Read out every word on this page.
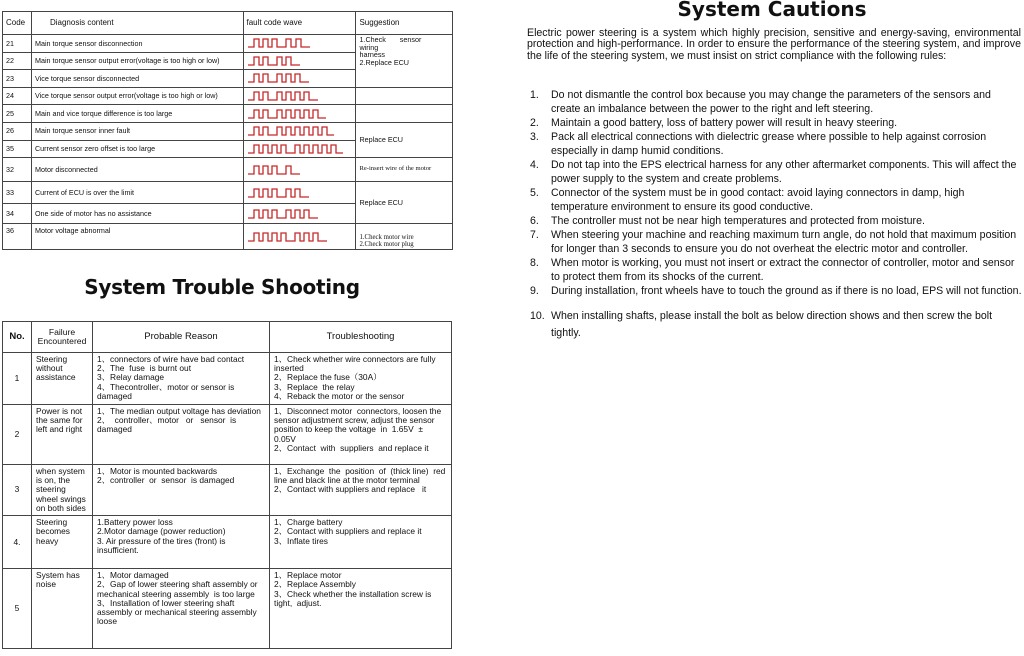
Code	Diagnosis content	fault code wave	Suggestion
21	Main torque sensor disconnection		1.Check       sensor      wiring
harness
2.Replace ECU

22	Main torque sensor output error(voltage is too high or low)	

23	Vice torque sensor disconnected	

24	Vice torque sensor output error(voltage is too high or low)	

25	Main and vice torque difference is too large	

26	Main torque sensor inner fault		Replace ECU

35	Current sensor zero offset is too large	

32	Motor disconnected		Re-insert wire of the motor

33	Current of ECU is over the limit		Replace ECU

34	One side of motor has no assistance	

36	Motor voltage abnormal		1.Check motor wire
2.Check motor plug
System Trouble Shooting
No.	Failure Encountered	Probable Reason	Troubleshooting
1	Steering without assistance	1、connectors of wire have bad contact
2、The  fuse  is burnt out
3、Relay damage
4、Thecontroller、motor or sensor is damaged	1、Check whether wire connectors are fully inserted
2、Replace the fuse（30A）
3、Replace  the relay
4、Reback the motor or the sensor

2	Power is not the same for left and right	1、The median output voltage has deviation
2、  controller、motor   or   sensor  is    damaged	1、Disconnect motor  connectors, loosen the sensor adjustment screw, adjust the sensor position to keep the voltage  in  1.65V  ±  0.05V
2、Contact  with  suppliers  and replace it

3	when system is on, the steering wheel swings on both sides	1、Motor is mounted backwards
2、controller  or  sensor  is damaged	1、Exchange  the  position  of  (thick line)  red line and black line at the motor terminal
2、Contact with suppliers and replace   it

4.	Steering becomes heavy	1.Battery power loss
2.Motor damage (power reduction)
3. Air pressure of the tires (front) is insufficient.	1、Charge battery
2、Contact with suppliers and replace it
3、Inflate tires

5	System has noise	1、Motor damaged
2、Gap of lower steering shaft assembly or mechanical steering assembly  is too large
3、Installation of lower steering shaft assembly or mechanical steering assembly loose	1、Replace motor
2、Replace Assembly
3、Check whether the installation screw is tight,  adjust.
System Cautions

Electric power steering is a system which highly precision, sensitive and energy-saving, environmental protection and high-performance. In order to ensure the performance of the steering system, and improve the life of the steering system, we must insist on strict compliance with the following rules:

1. Do not dismantle the control box because you may change the parameters of the sensors and create an imbalance between the power to the right and left steering.
2. Maintain a good battery, loss of battery power will result in heavy steering.
3. Pack all electrical connections with dielectric grease where possible to help against corrosion especially in damp humid conditions.
4. Do not tap into the EPS electrical harness for any other aftermarket components. This will affect the power supply to the system and create problems.
5. Connector of the system must be in good contact: avoid laying connectors in damp, high temperature environment to ensure its good conductive.
6. The controller must not be near high temperatures and protected from moisture.
7. When steering your machine and reaching maximum turn angle, do not hold that maximum position for longer than 3 seconds to ensure you do not overheat the electric motor and controller.
8. When motor is working, you must not insert or extract the connector of controller, motor and sensor to protect them from its shocks of the current.
9. During installation, front wheels have to touch the ground as if there is no load, EPS will not function.
10. When installing shafts, please install the bolt as below direction shows and then screw the bolt tightly.
